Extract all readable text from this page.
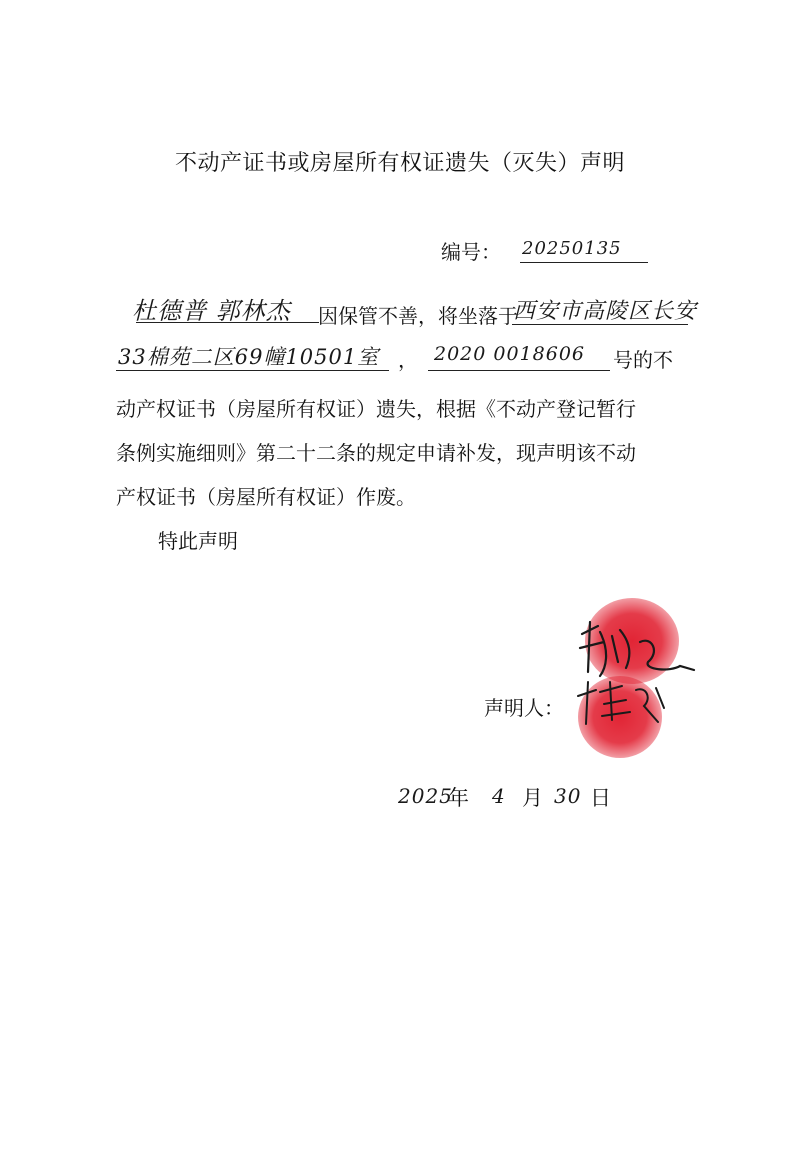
不动产证书或房屋所有权证遗失（灭失）声明
编号： 20250135
杜德普 郭林杰 因保管不善，将坐落于
西安市高陵区长安
33棉苑二区69幢10501室 ， 2020 0018606 号的不
动产权证书（房屋所有权证）遗失，根据《不动产登记暂行
条例实施细则》第二十二条的规定申请补发，现声明该不动
产权证书（房屋所有权证）作废。
特此声明
声明人：
2025
年 4 月 30 日
